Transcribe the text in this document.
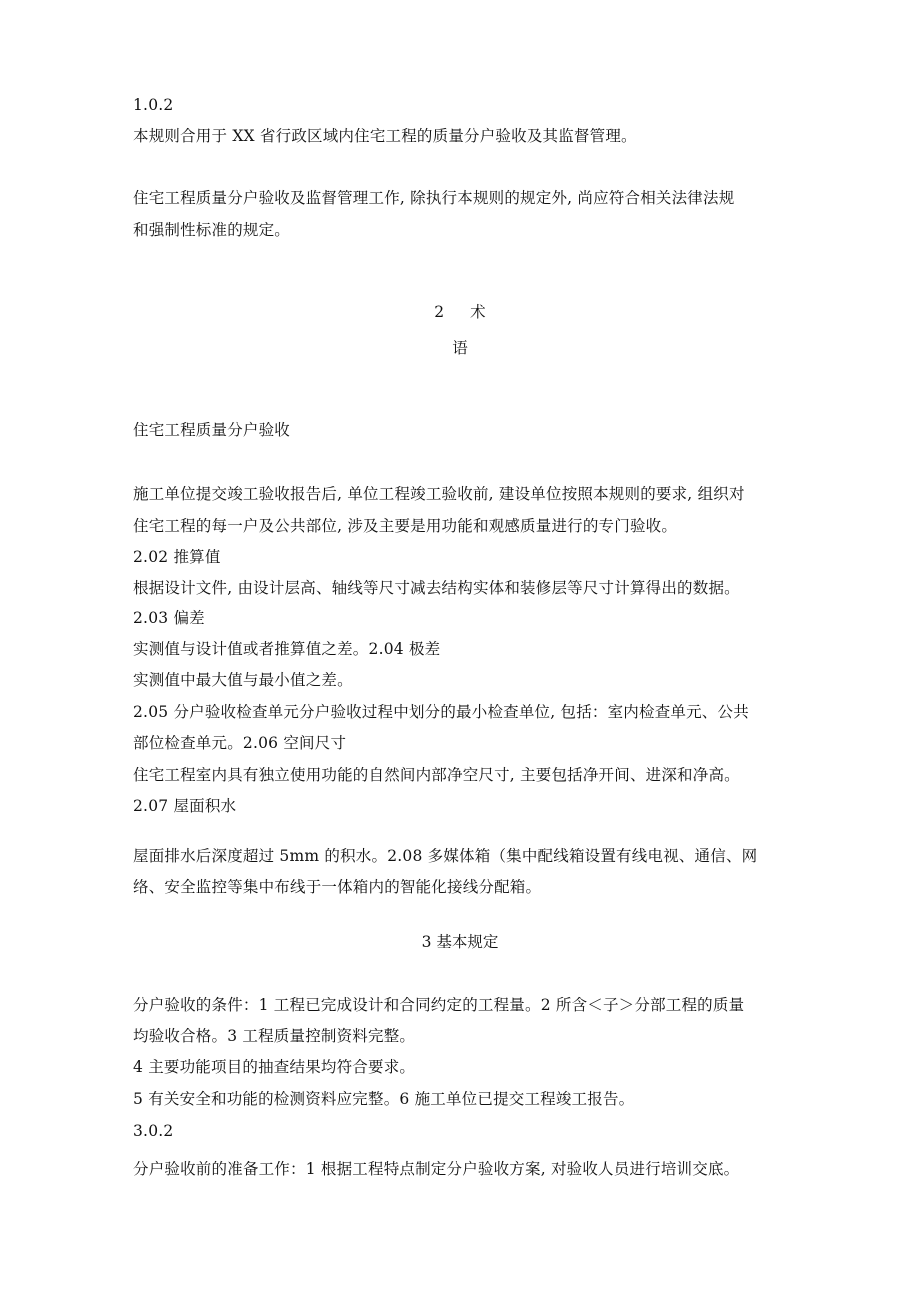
1.0.2
本规则合用于 XX 省行政区域内住宅工程的质量分户验收及其监督管理。
住宅工程质量分户验收及监督管理工作, 除执行本规则的规定外, 尚应符合相关法律法规
和强制性标准的规定。
2 术
语
住宅工程质量分户验收
施工单位提交竣工验收报告后, 单位工程竣工验收前, 建设单位按照本规则的要求, 组织对
住宅工程的每一户及公共部位, 涉及主要是用功能和观感质量进行的专门验收。
2.02 推算值
根据设计文件, 由设计层高、轴线等尺寸减去结构实体和装修层等尺寸计算得出的数据。
2.03 偏差
实测值与设计值或者推算值之差。2.04 极差
实测值中最大值与最小值之差。
2.05 分户验收检查单元分户验收过程中划分的最小检查单位, 包括：室内检查单元、公共
部位检查单元。2.06 空间尺寸
住宅工程室内具有独立使用功能的自然间内部净空尺寸, 主要包括净开间、进深和净高。
2.07 屋面积水
屋面排水后深度超过 5mm 的积水。2.08 多媒体箱（集中配线箱设置有线电视、通信、网
络、安全监控等集中布线于一体箱内的智能化接线分配箱。
3 基本规定
分户验收的条件：1 工程已完成设计和合同约定的工程量。2 所含＜子＞分部工程的质量
均验收合格。3 工程质量控制资料完整。
4 主要功能项目的抽查结果均符合要求。
5 有关安全和功能的检测资料应完整。6 施工单位已提交工程竣工报告。
3.0.2
分户验收前的准备工作：1 根据工程特点制定分户验收方案, 对验收人员进行培训交底。
